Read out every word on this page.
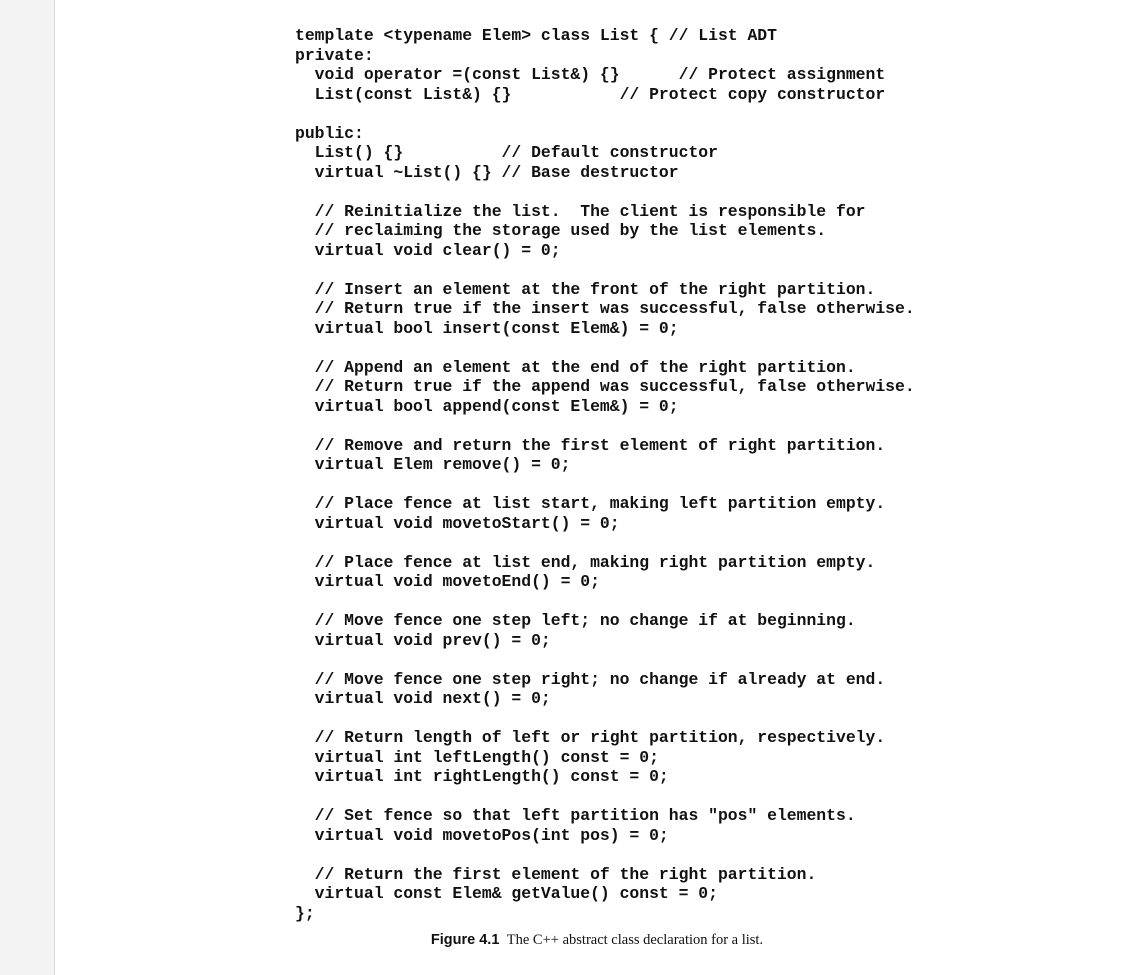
template <typename Elem> class List { // List ADT
private:
void operator =(const List&) {}      // Protect assignment
List(const List&) {}           // Protect copy constructor

public:
List() {}          // Default constructor
virtual ~List() {} // Base destructor

// Reinitialize the list.  The client is responsible for
// reclaiming the storage used by the list elements.
virtual void clear() = 0;

// Insert an element at the front of the right partition.
// Return true if the insert was successful, false otherwise.
virtual bool insert(const Elem&) = 0;

// Append an element at the end of the right partition.
// Return true if the append was successful, false otherwise.
virtual bool append(const Elem&) = 0;

// Remove and return the first element of right partition.
virtual Elem remove() = 0;

// Place fence at list start, making left partition empty.
virtual void movetoStart() = 0;

// Place fence at list end, making right partition empty.
virtual void movetoEnd() = 0;

// Move fence one step left; no change if at beginning.
virtual void prev() = 0;

// Move fence one step right; no change if already at end.
virtual void next() = 0;

// Return length of left or right partition, respectively.
virtual int leftLength() const = 0;
virtual int rightLength() const = 0;

// Set fence so that left partition has "pos" elements.
virtual void movetoPos(int pos) = 0;

// Return the first element of the right partition.
virtual const Elem& getValue() const = 0;
};
Figure 4.1 The C++ abstract class declaration for a list.
